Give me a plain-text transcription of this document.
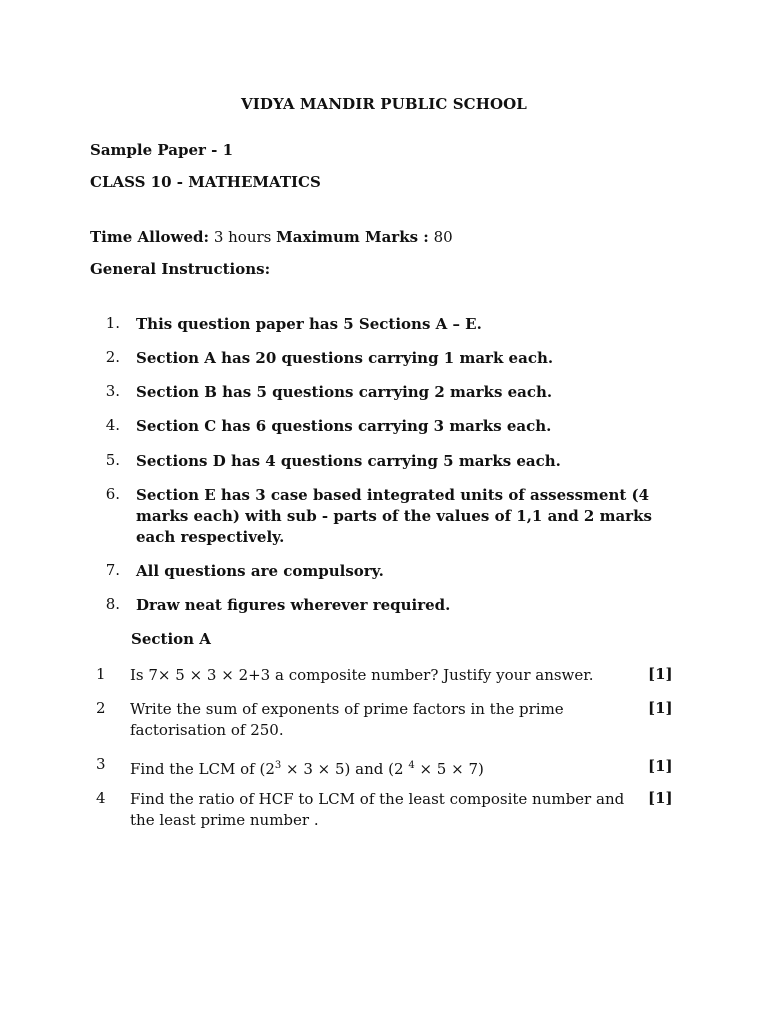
VIDYA MANDIR PUBLIC SCHOOL
Sample Paper - 1
CLASS 10 - MATHEMATICS
Time Allowed: 3 hours Maximum Marks : 80
General Instructions:
1. This question paper has 5 Sections A – E.
2. Section A has 20 questions carrying 1 mark each.
3. Section B has 5 questions carrying 2 marks each.
4. Section C has 6 questions carrying 3 marks each.
5. Sections D has 4 questions carrying 5 marks each.
6. Section E has 3 case based integrated units of assessment (4 marks each) with sub - parts of the values of 1,1 and 2 marks each respectively.
7. All questions are compulsory.
8. Draw neat figures wherever required.
Section A
1 Is 7× 5 × 3 × 2+3 a composite number? Justify your answer.	[1]
2 Write the sum of exponents of prime factors in the prime factorisation of 250.
[1]
3 Find the LCM of $(2^3 \times 3 \times 5)$ and (2 $^4$ × 5 × 7)	[1]
4 Find the ratio of HCF to LCM of the least composite number and the least prime number .
[1]
